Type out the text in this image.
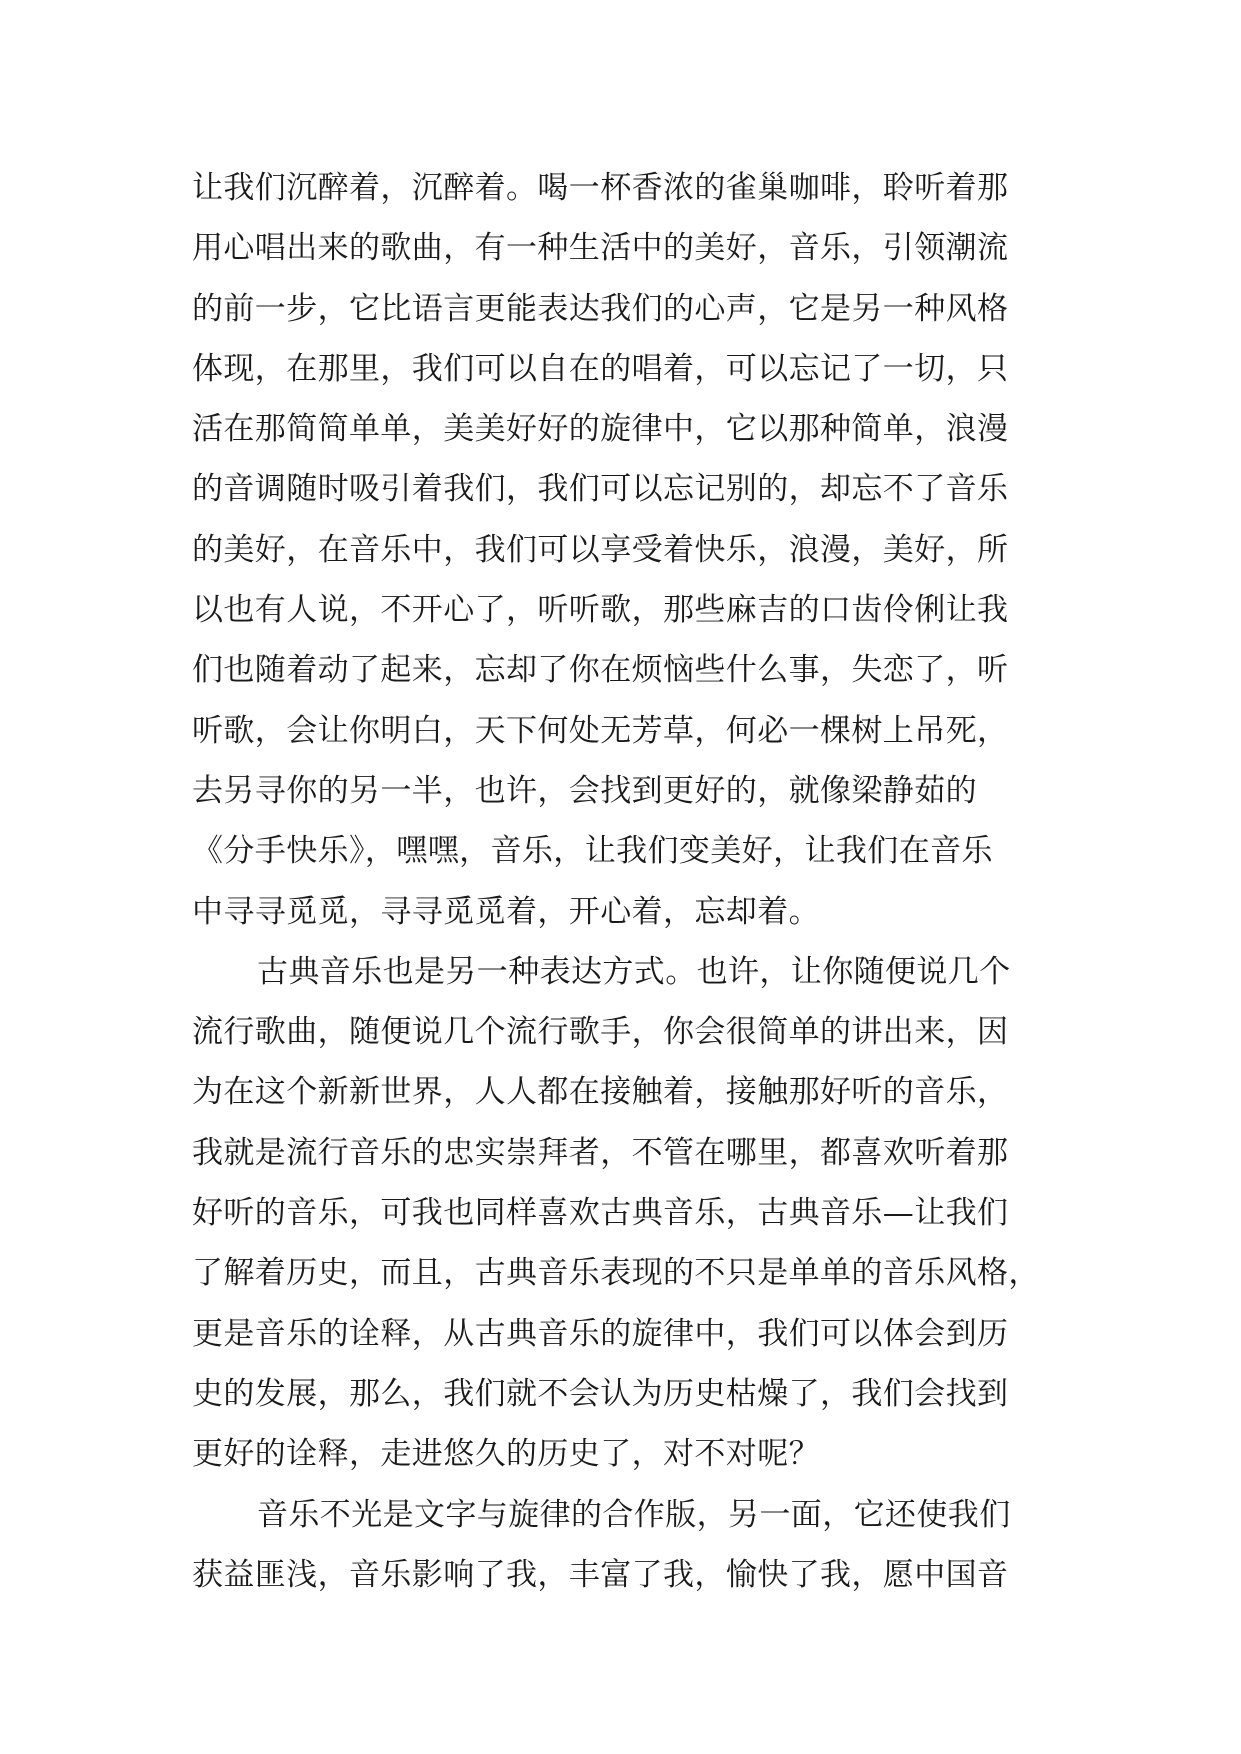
让我们沉醉着，沉醉着。喝一杯香浓的雀巢咖啡，聆听着那
用心唱出来的歌曲，有一种生活中的美好，音乐，引领潮流
的前一步，它比语言更能表达我们的心声，它是另一种风格
体现，在那里，我们可以自在的唱着，可以忘记了一切，只
活在那简简单单，美美好好的旋律中，它以那种简单，浪漫
的音调随时吸引着我们，我们可以忘记别的，却忘不了音乐
的美好，在音乐中，我们可以享受着快乐，浪漫，美好，所
以也有人说，不开心了，听听歌，那些麻吉的口齿伶俐让我
们也随着动了起来，忘却了你在烦恼些什么事，失恋了，听
听歌，会让你明白，天下何处无芳草，何必一棵树上吊死，
去另寻你的另一半，也许，会找到更好的，就像梁静茹的
《分手快乐》，嘿嘿，音乐，让我们变美好，让我们在音乐
中寻寻觅觅，寻寻觅觅着，开心着，忘却着。
古典音乐也是另一种表达方式。也许，让你随便说几个
流行歌曲，随便说几个流行歌手，你会很简单的讲出来，因
为在这个新新世界，人人都在接触着，接触那好听的音乐，
我就是流行音乐的忠实崇拜者，不管在哪里，都喜欢听着那
好听的音乐，可我也同样喜欢古典音乐，古典音乐—让我们
了解着历史，而且，古典音乐表现的不只是单单的音乐风格，
更是音乐的诠释，从古典音乐的旋律中，我们可以体会到历
史的发展，那么，我们就不会认为历史枯燥了，我们会找到
更好的诠释，走进悠久的历史了，对不对呢？
音乐不光是文字与旋律的合作版，另一面，它还使我们
获益匪浅，音乐影响了我，丰富了我，愉快了我，愿中国音
